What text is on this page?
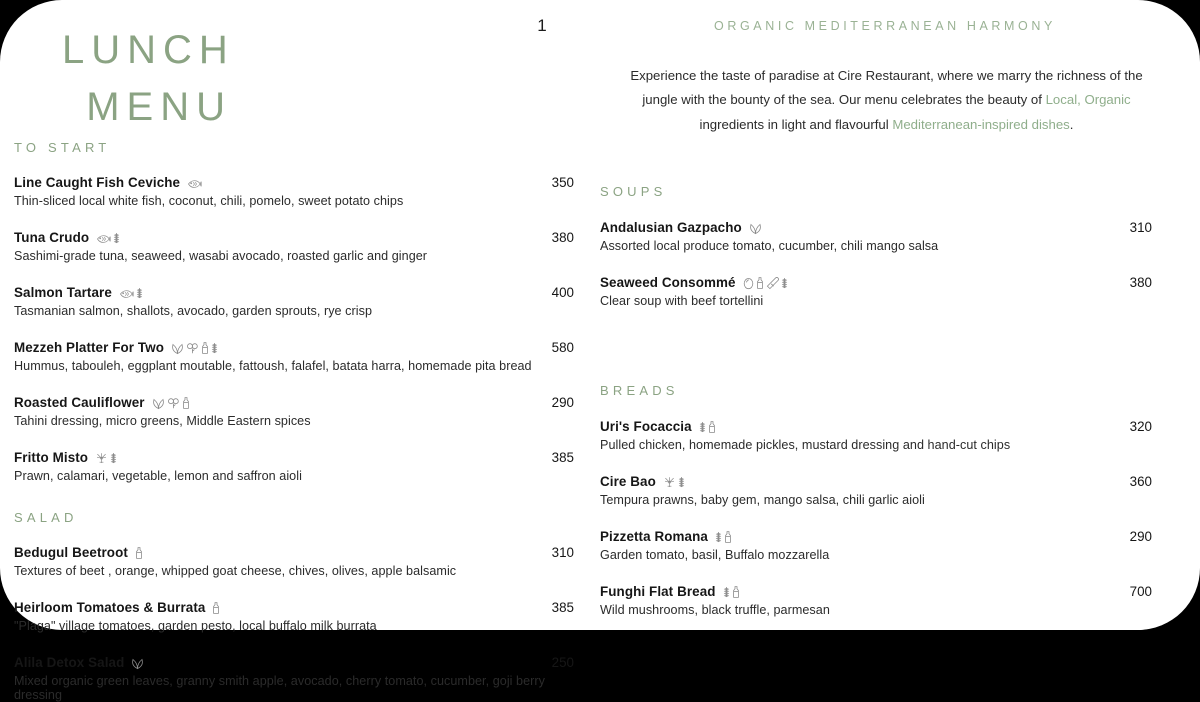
LUNCH
MENU
1	ORGANIC MEDITERRANEAN HARMONY
Experience the taste of paradise at Cire Restaurant, where we marry the richness of the jungle with the bounty of the sea. Our menu celebrates the beauty of Local, Organic ingredients in light and flavourful Mediterranean-inspired dishes.
TO START
Line Caught Fish Ceviche	350
Thin-sliced local white fish, coconut, chili, pomelo, sweet potato chips
Tuna Crudo	380
Sashimi-grade tuna, seaweed, wasabi avocado, roasted garlic and ginger
Salmon Tartare	400
Tasmanian salmon, shallots, avocado, garden sprouts, rye crisp
Mezzeh Platter For Two	580
Hummus, tabouleh, eggplant moutable, fattoush, falafel, batata harra, homemade pita bread
Roasted Cauliflower	290
Tahini dressing, micro greens, Middle Eastern spices
Fritto Misto	385
Prawn, calamari, vegetable, lemon and saffron aioli
SALAD
Bedugul Beetroot	310
Textures of beet , orange, whipped goat cheese, chives, olives, apple balsamic
Heirloom Tomatoes & Burrata	385
"Plaga" village tomatoes, garden pesto, local buffalo milk burrata
Alila Detox Salad	250
Mixed organic green leaves, granny smith apple, avocado, cherry tomato, cucumber, goji berry dressing
SOUPS
Andalusian Gazpacho	310
Assorted local produce tomato, cucumber, chili mango salsa
Seaweed Consommé	380
Clear soup with beef tortellini
BREADS
Uri's Focaccia	320
Pulled chicken, homemade pickles, mustard dressing and hand-cut chips
Cire Bao	360
Tempura prawns, baby gem, mango salsa, chili garlic aioli
Pizzetta Romana	290
Garden tomato, basil, Buffalo mozzarella
Funghi Flat Bread	700
Wild mushrooms, black truffle, parmesan
